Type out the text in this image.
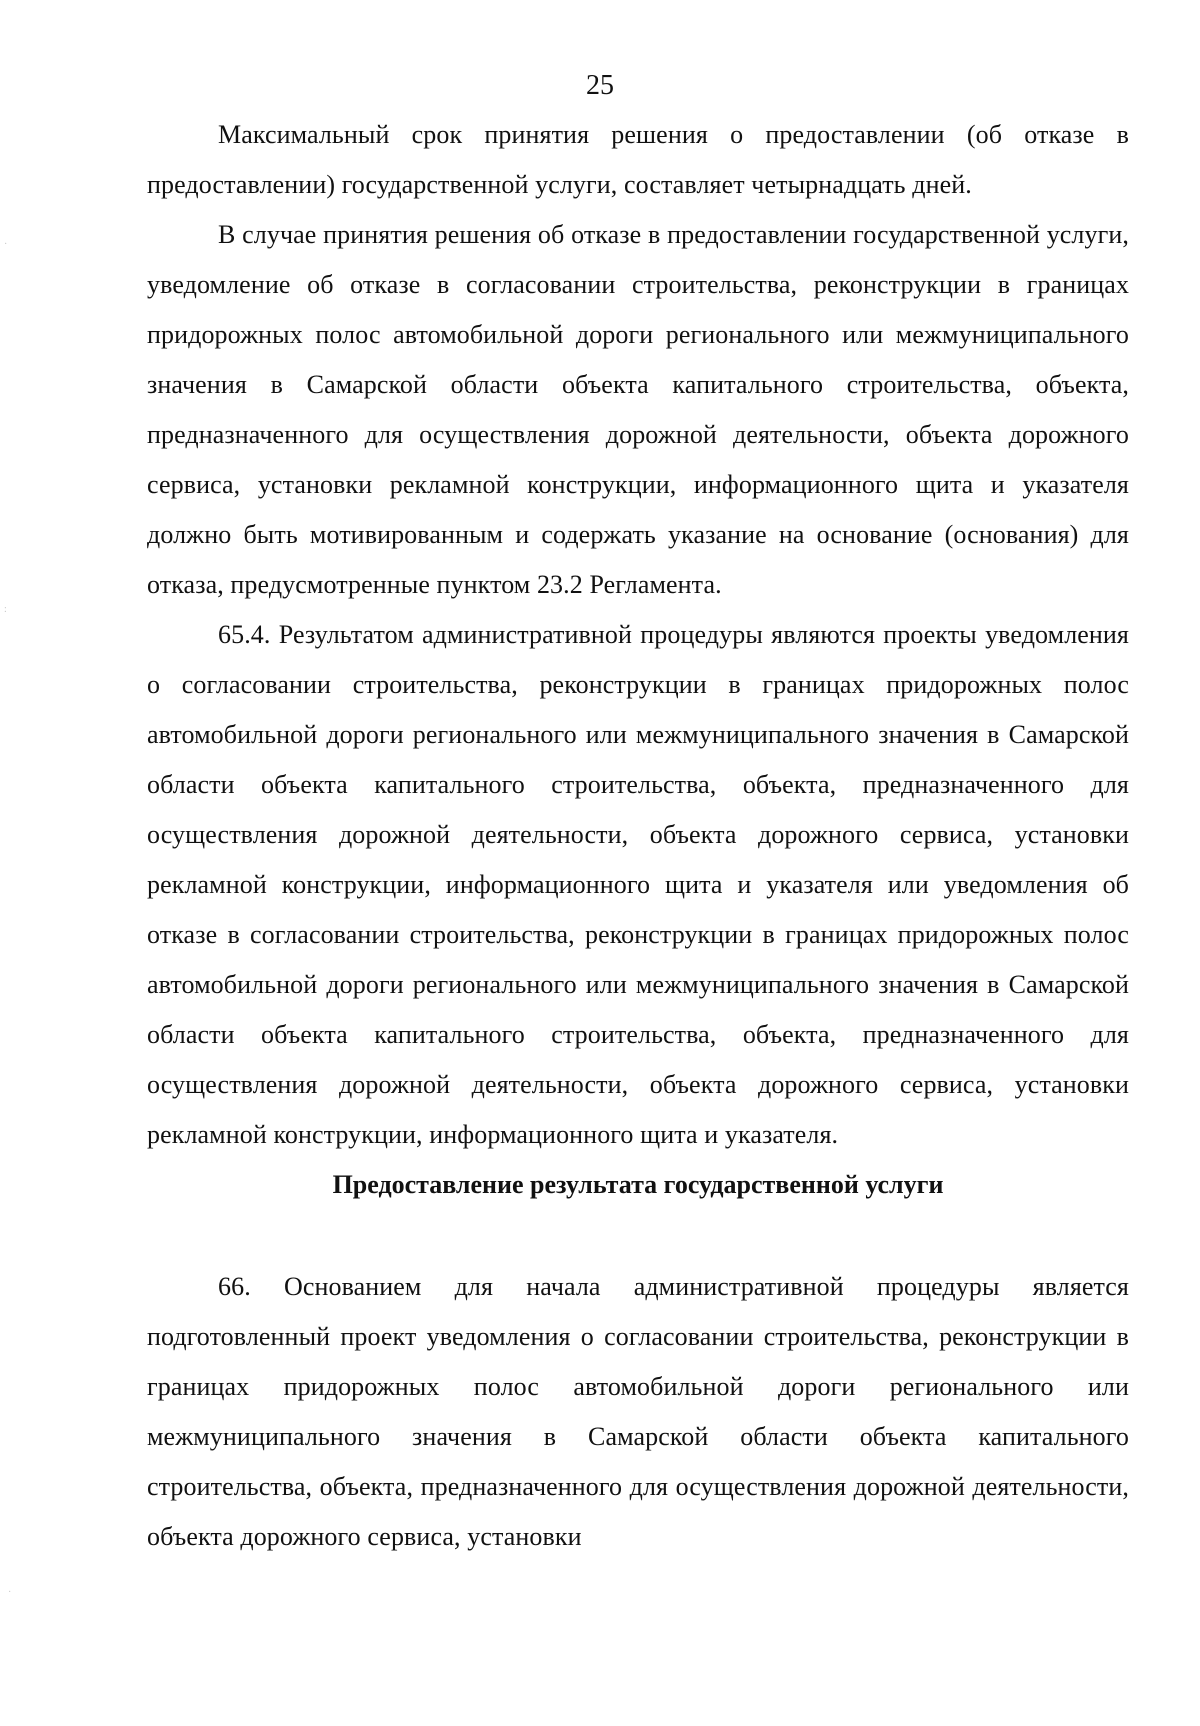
25

Максимальный срок принятия решения о предоставлении (об отказе в предоставлении) государственной услуги, составляет четырнадцать дней.

В случае принятия решения об отказе в предоставлении государственной услуги, уведомление об отказе в согласовании строительства, реконструкции в границах придорожных полос автомобильной дороги регионального или межмуниципального значения в Самарской области объекта капитального строительства, объекта, предназначенного для осуществления дорожной деятельности, объекта дорожного сервиса, установки рекламной конструкции, информационного щита и указателя должно быть мотивированным и содержать указание на основание (основания) для отказа, предусмотренные пунктом 23.2 Регламента.

65.4. Результатом административной процедуры являются проекты уведомления о согласовании строительства, реконструкции в границах придорожных полос автомобильной дороги регионального или межмуниципального значения в Самарской области объекта капитального строительства, объекта, предназначенного для осуществления дорожной деятельности, объекта дорожного сервиса, установки рекламной конструкции, информационного щита и указателя или уведомления об отказе в согласовании строительства, реконструкции в границах придорожных полос автомобильной дороги регионального или межмуниципального значения в Самарской области объекта капитального строительства, объекта, предназначенного для осуществления дорожной деятельности, объекта дорожного сервиса, установки рекламной конструкции, информационного щита и указателя.

Предоставление результата государственной услуги

66. Основанием для начала административной процедуры является подготовленный проект уведомления о согласовании строительства, реконструкции в границах придорожных полос автомобильной дороги регионального или межмуниципального значения в Самарской области объекта капитального строительства, объекта, предназначенного для осуществления дорожной деятельности, объекта дорожного сервиса, установки

·
:
·
